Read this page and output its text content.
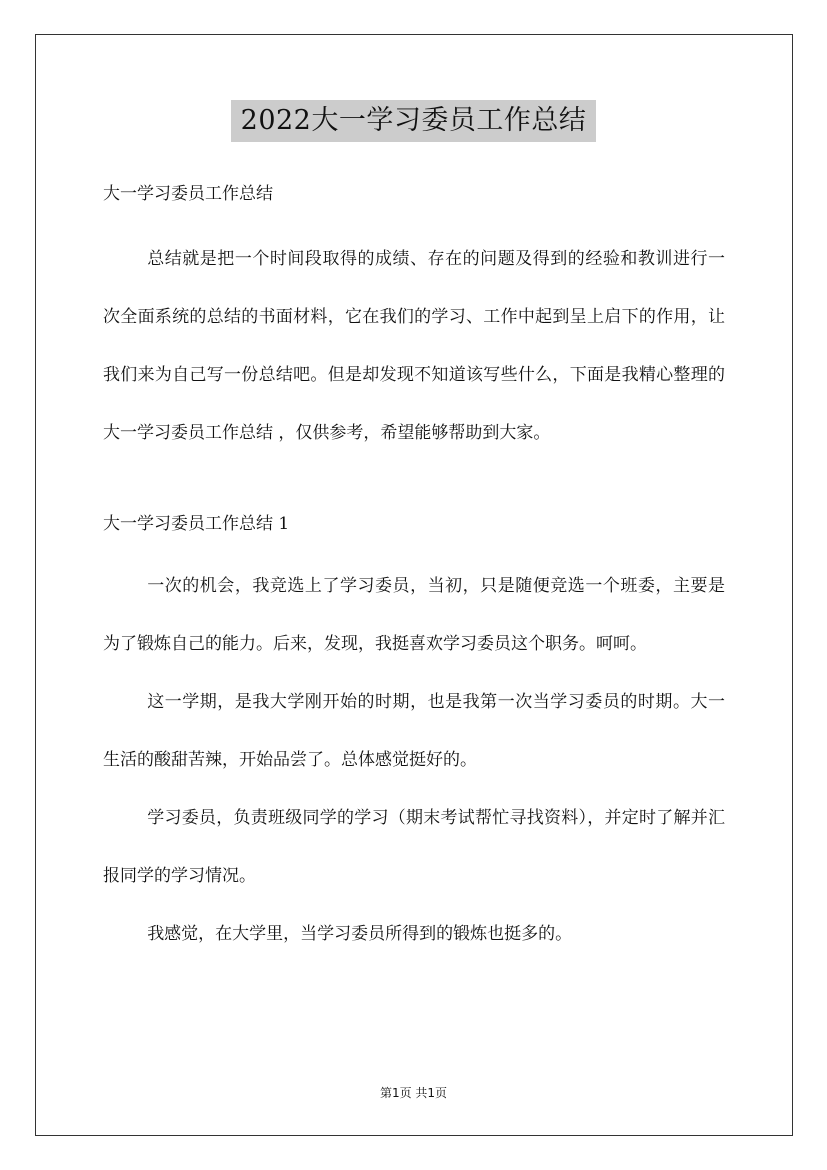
2022大一学习委员工作总结

大一学习委员工作总结

总结就是把一个时间段取得的成绩、存在的问题及得到的经验和教训进行一次全面系统的总结的书面材料，它在我们的学习、工作中起到呈上启下的作用，让我们来为自己写一份总结吧。但是却发现不知道该写些什么，下面是我精心整理的大一学习委员工作总结 ，仅供参考，希望能够帮助到大家。

大一学习委员工作总结 1

一次的机会，我竞选上了学习委员，当初，只是随便竞选一个班委，主要是为了锻炼自己的能力。后来，发现，我挺喜欢学习委员这个职务。呵呵。

这一学期，是我大学刚开始的时期，也是我第一次当学习委员的时期。大一生活的酸甜苦辣，开始品尝了。总体感觉挺好的。

学习委员，负责班级同学的学习（期末考试帮忙寻找资料），并定时了解并汇报同学的学习情况。

我感觉，在大学里，当学习委员所得到的锻炼也挺多的。

第1页 共1页
